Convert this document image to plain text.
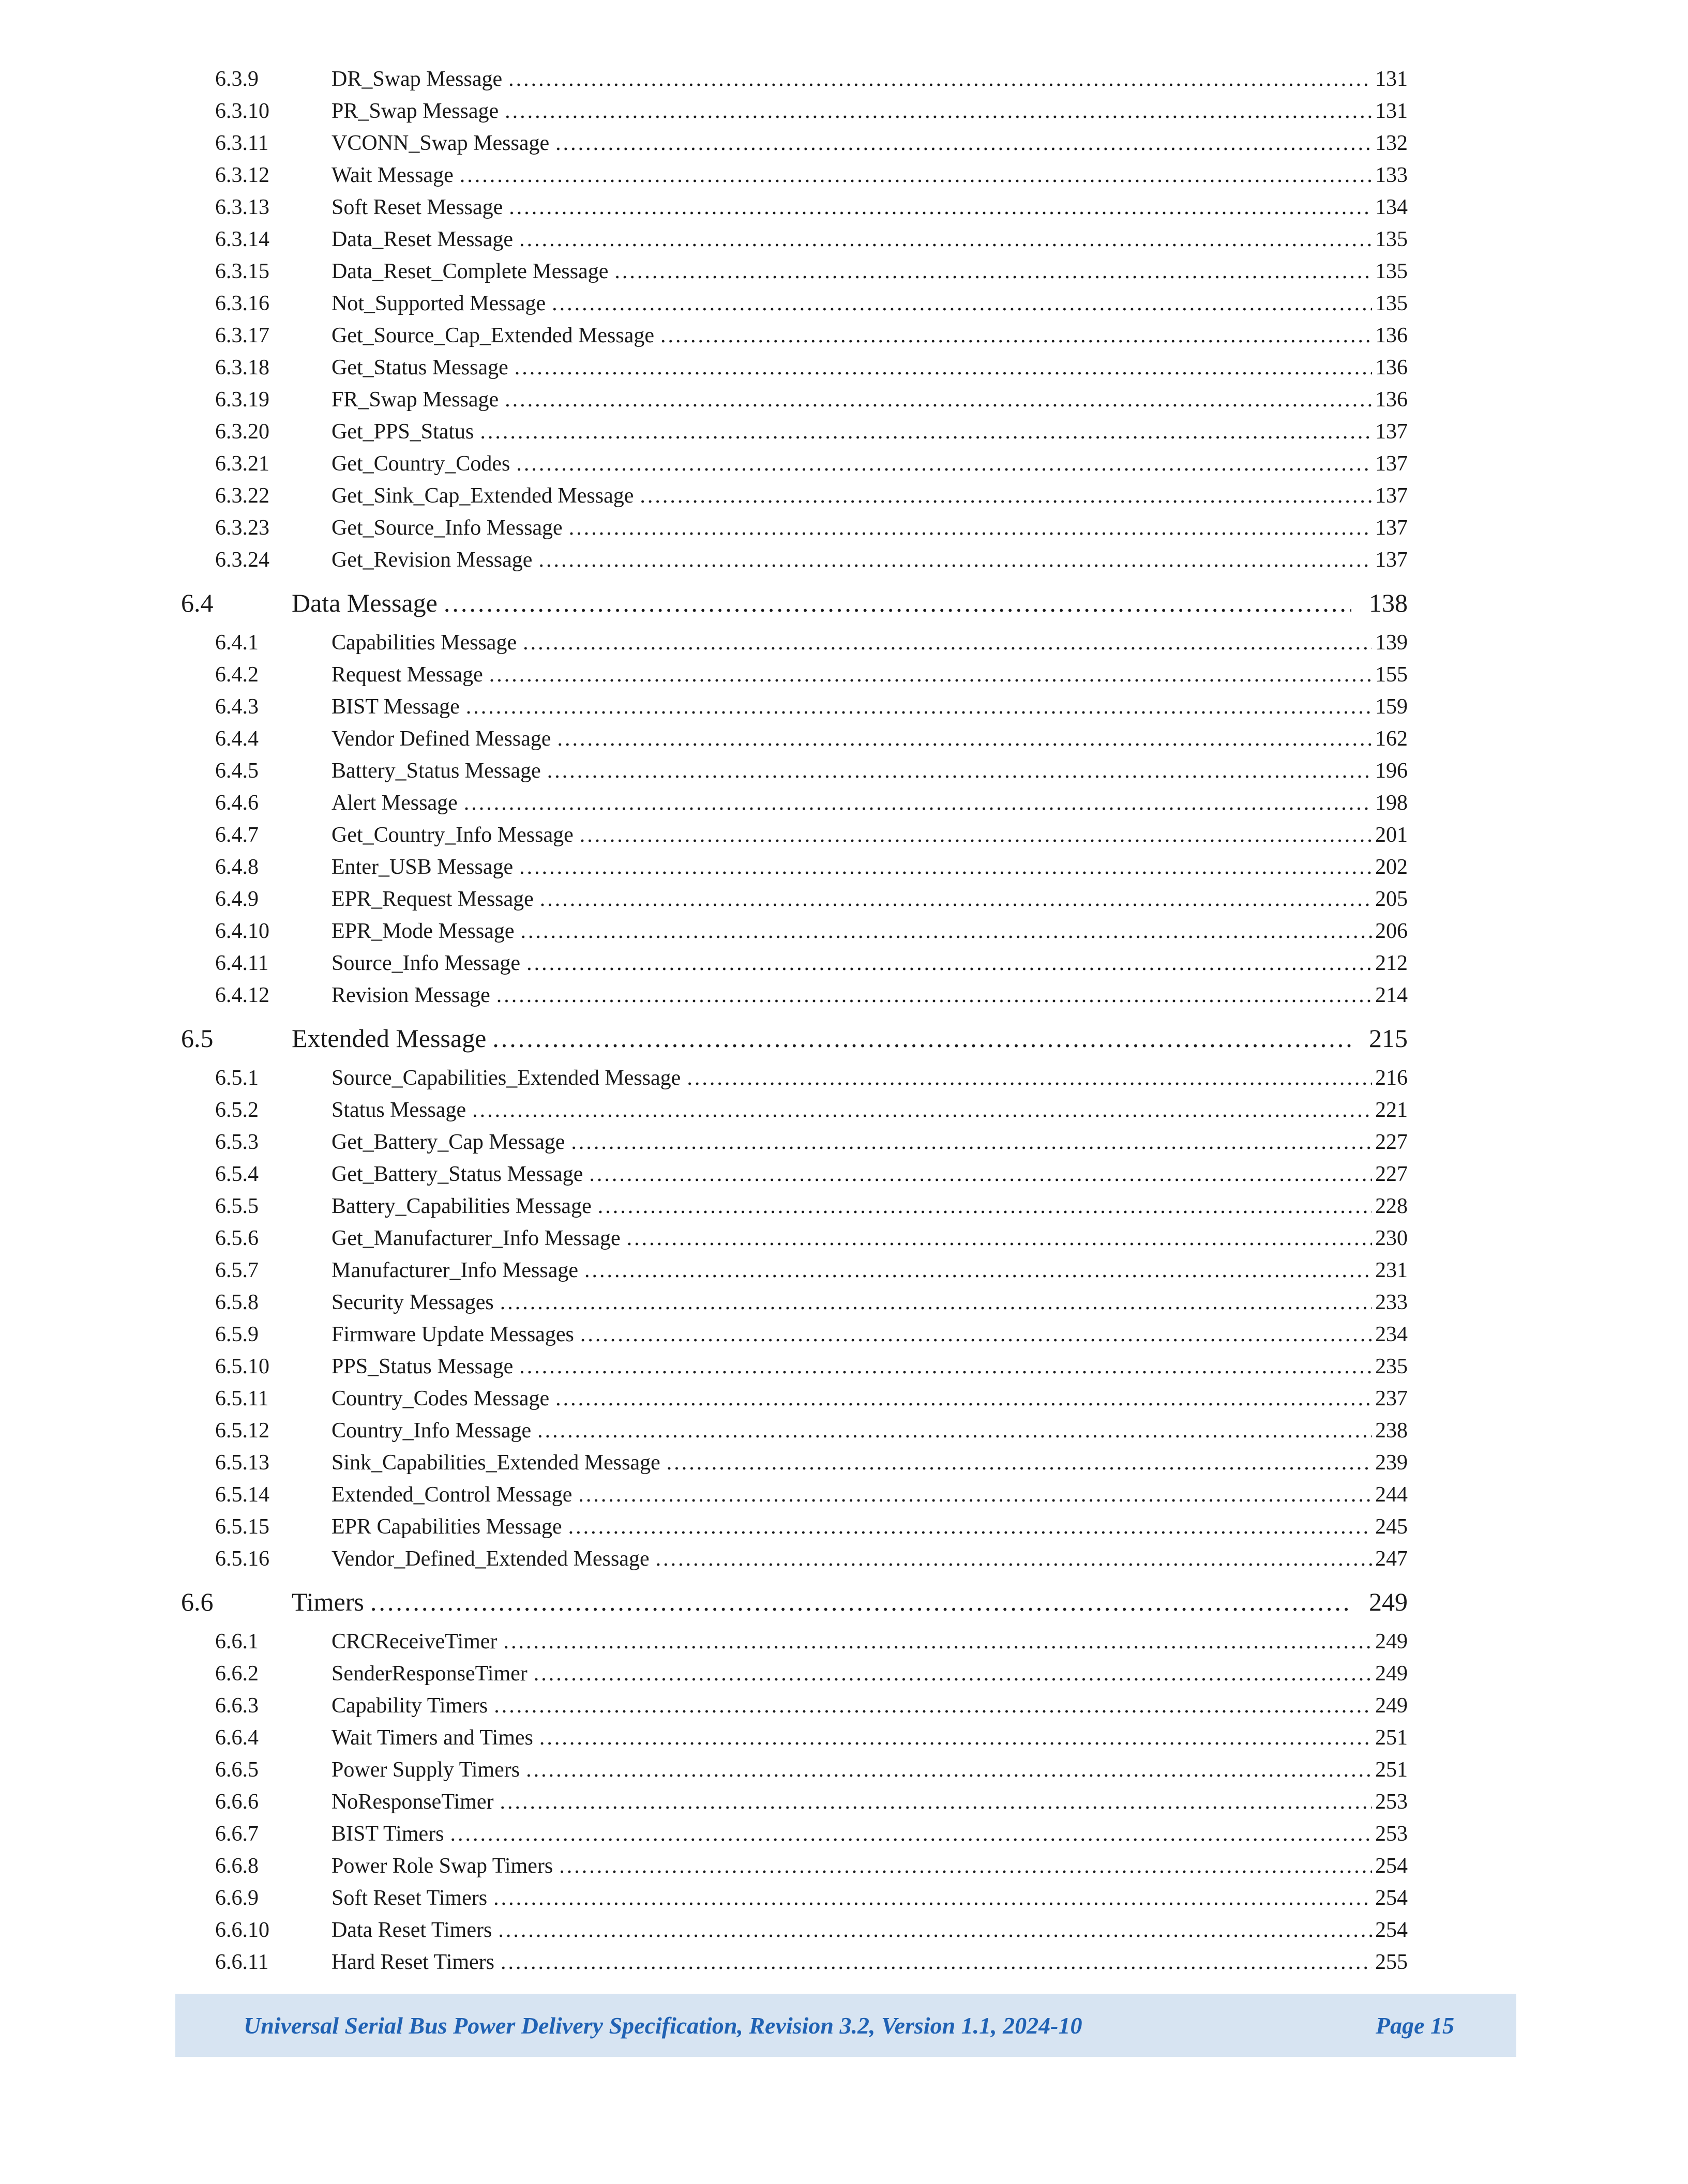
6.3.9	DR_Swap Message .....	131
6.3.10	PR_Swap Message .....	131
6.3.11	VCONN_Swap Message .....	132
6.3.12	Wait Message .....	133
6.3.13	Soft Reset Message .....	134
6.3.14	Data_Reset Message .....	135
6.3.15	Data_Reset_Complete Message .....	135
6.3.16	Not_Supported Message .....	135
6.3.17	Get_Source_Cap_Extended Message .....	136
6.3.18	Get_Status Message .....	136
6.3.19	FR_Swap Message .....	136
6.3.20	Get_PPS_Status .....	137
6.3.21	Get_Country_Codes .....	137
6.3.22	Get_Sink_Cap_Extended Message .....	137
6.3.23	Get_Source_Info Message .....	137
6.3.24	Get_Revision Message .....	137
6.4	Data Message .....	138
6.4.1	Capabilities Message .....	139
6.4.2	Request Message .....	155
6.4.3	BIST Message .....	159
6.4.4	Vendor Defined Message .....	162
6.4.5	Battery_Status Message .....	196
6.4.6	Alert Message .....	198
6.4.7	Get_Country_Info Message .....	201
6.4.8	Enter_USB Message .....	202
6.4.9	EPR_Request Message .....	205
6.4.10	EPR_Mode Message .....	206
6.4.11	Source_Info Message .....	212
6.4.12	Revision Message .....	214
6.5	Extended Message .....	215
6.5.1	Source_Capabilities_Extended Message .....	216
6.5.2	Status Message .....	221
6.5.3	Get_Battery_Cap Message .....	227
6.5.4	Get_Battery_Status Message .....	227
6.5.5	Battery_Capabilities Message .....	228
6.5.6	Get_Manufacturer_Info Message .....	230
6.5.7	Manufacturer_Info Message .....	231
6.5.8	Security Messages .....	233
6.5.9	Firmware Update Messages .....	234
6.5.10	PPS_Status Message .....	235
6.5.11	Country_Codes Message .....	237
6.5.12	Country_Info Message .....	238
6.5.13	Sink_Capabilities_Extended Message .....	239
6.5.14	Extended_Control Message .....	244
6.5.15	EPR Capabilities Message .....	245
6.5.16	Vendor_Defined_Extended Message .....	247
6.6	Timers .....	249
6.6.1	CRCReceiveTimer .....	249
6.6.2	SenderResponseTimer .....	249
6.6.3	Capability Timers .....	249
6.6.4	Wait Timers and Times .....	251
6.6.5	Power Supply Timers .....	251
6.6.6	NoResponseTimer .....	253
6.6.7	BIST Timers .....	253
6.6.8	Power Role Swap Timers .....	254
6.6.9	Soft Reset Timers .....	254
6.6.10	Data Reset Timers .....	254
6.6.11	Hard Reset Timers .....	255
Universal Serial Bus Power Delivery Specification, Revision 3.2, Version 1.1, 2024-10	Page 15
